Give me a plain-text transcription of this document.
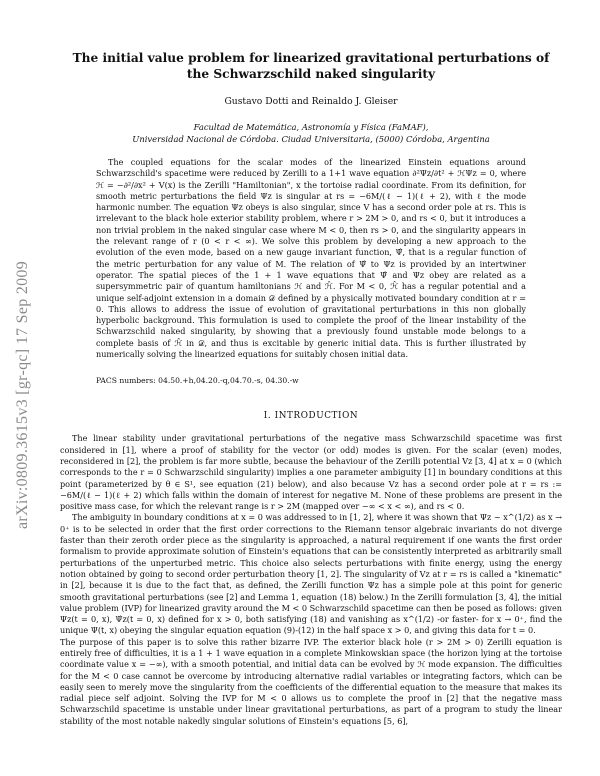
arXiv:0809.3615v3 [gr-qc] 17 Sep 2009
The initial value problem for linearized gravitational perturbations of the Schwarzschild naked singularity
Gustavo Dotti and Reinaldo J. Gleiser
Facultad de Matemática, Astronomía y Física (FaMAF),
Universidad Nacional de Córdoba. Ciudad Universitaria, (5000) Córdoba, Argentina

The coupled equations for the scalar modes of the linearized Einstein equations around Schwarzschild's spacetime were reduced by Zerilli to a 1+1 wave equation ∂²Ψz/∂t² + ℋΨz = 0, where ℋ = −∂²/∂x² + V(x) is the Zerilli "Hamiltonian", x the tortoise radial coordinate. From its definition, for smooth metric perturbations the field Ψz is singular at rs = −6M/(ℓ − 1)(ℓ + 2), with ℓ the mode harmonic number. The equation Ψz obeys is also singular, since V has a second order pole at rs. This is irrelevant to the black hole exterior stability problem, where r > 2M > 0, and rs < 0, but it introduces a non trivial problem in the naked singular case where M < 0, then rs > 0, and the singularity appears in the relevant range of r (0 < r < ∞). We solve this problem by developing a new approach to the evolution of the even mode, based on a new gauge invariant function, Ψ̂, that is a regular function of the metric perturbation for any value of M. The relation of Ψ̂ to Ψz is provided by an intertwiner operator. The spatial pieces of the 1 + 1 wave equations that Ψ̂ and Ψz obey are related as a supersymmetric pair of quantum hamiltonians ℋ and ℋ̂. For M < 0, ℋ̂ has a regular potential and a unique self-adjoint extension in a domain 𝒟 defined by a physically motivated boundary condition at r = 0. This allows to address the issue of evolution of gravitational perturbations in this non globally hyperbolic background. This formulation is used to complete the proof of the linear instability of the Schwarzschild naked singularity, by showing that a previously found unstable mode belongs to a complete basis of ℋ̂ in 𝒟, and thus is excitable by generic initial data. This is further illustrated by numerically solving the linearized equations for suitably chosen initial data.

PACS numbers: 04.50.+h,04.20.-q,04.70.-s, 04.30.-w
I. INTRODUCTION

The linear stability under gravitational perturbations of the negative mass Schwarzschild spacetime was first considered in [1], where a proof of stability for the vector (or odd) modes is given. For the scalar (even) modes, reconsidered in [2], the problem is far more subtle, because the behaviour of the Zerilli potential Vz [3, 4] at x = 0 (which corresponds to the r = 0 Schwarzschild singularity) implies a one parameter ambiguity [1] in boundary conditions at this point (parameterized by θ ∈ S¹, see equation (21) below), and also because Vz has a second order pole at r = rs := −6M/(ℓ − 1)(ℓ + 2) which falls within the domain of interest for negative M. None of these problems are present in the positive mass case, for which the relevant range is r > 2M (mapped over −∞ < x < ∞), and rs < 0.

The ambiguity in boundary conditions at x = 0 was addressed to in [1, 2], where it was shown that Ψz ~ x^(1/2) as x → 0⁺ is to be selected in order that the first order corrections to the Riemann tensor algebraic invariants do not diverge faster than their zeroth order piece as the singularity is approached, a natural requirement if one wants the first order formalism to provide approximate solution of Einstein's equations that can be consistently interpreted as arbitrarily small perturbations of the unperturbed metric. This choice also selects perturbations with finite energy, using the energy notion obtained by going to second order perturbation theory [1, 2]. The singularity of Vz at r = rs is called a "kinematic" in [2], because it is due to the fact that, as defined, the Zerilli function Ψz has a simple pole at this point for generic smooth gravitational perturbations (see [2] and Lemma 1, equation (18) below.) In the Zerilli formulation [3, 4], the initial value problem (IVP) for linearized gravity around the M < 0 Schwarzschild spacetime can then be posed as follows: given Ψz(t = 0, x), Ψ̇z(t = 0, x) defined for x > 0, both satisfying (18) and vanishing as x^(1/2) -or faster- for x → 0⁺, find the unique Ψ(t, x) obeying the singular equation equation (9)-(12) in the half space x > 0, and giving this data for t = 0.

The purpose of this paper is to solve this rather bizarre IVP. The exterior black hole (r > 2M > 0) Zerilli equation is entirely free of difficulties, it is a 1 + 1 wave equation in a complete Minkowskian space (the horizon lying at the tortoise coordinate value x = −∞), with a smooth potential, and initial data can be evolved by ℋ mode expansion. The difficulties for the M < 0 case cannot be overcome by introducing alternative radial variables or integrating factors, which can be easily seen to merely move the singularity from the coefficients of the differential equation to the measure that makes its radial piece self adjoint. Solving the IVP for M < 0 allows us to complete the proof in [2] that the negative mass Schwarzschild spacetime is unstable under linear gravitational perturbations, as part of a program to study the linear stability of the most notable nakedly singular solutions of Einstein's equations [5, 6],
